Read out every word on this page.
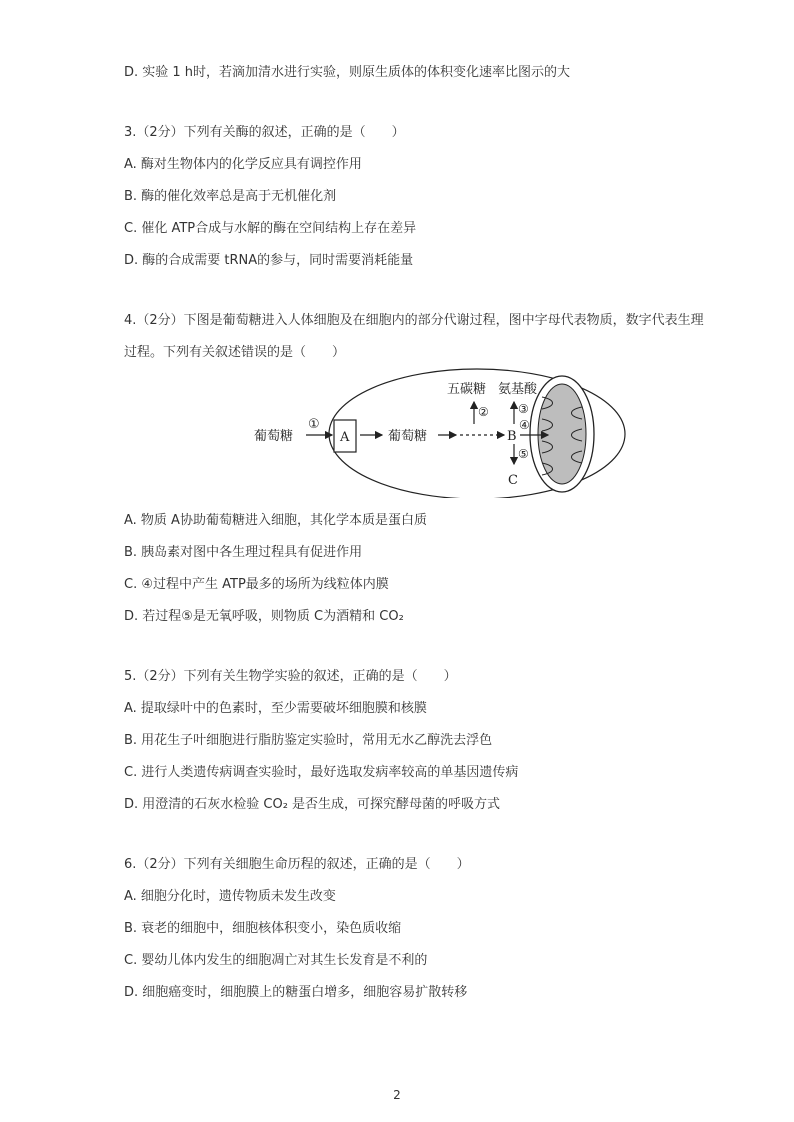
D. 实验 1 h时，若滴加清水进行实验，则原生质体的体积变化速率比图示的大
3.（2分）下列有关酶的叙述，正确的是（　　）
A. 酶对生物体内的化学反应具有调控作用
B. 酶的催化效率总是高于无机催化剂
C. 催化 ATP合成与水解的酶在空间结构上存在差异
D. 酶的合成需要 tRNA的参与，同时需要消耗能量
4.（2分）下图是葡萄糖进入人体细胞及在细胞内的部分代谢过程，图中字母代表物质，数字代表生理
过程。下列有关叙述错误的是（　　）
葡萄糖
①
A	葡萄糖	B
②
五碳糖
③
氨基酸
④
⑤
C
A. 物质 A协助葡萄糖进入细胞，其化学本质是蛋白质
B. 胰岛素对图中各生理过程具有促进作用
C. ④过程中产生 ATP最多的场所为线粒体内膜
D. 若过程⑤是无氧呼吸，则物质 C为酒精和 CO₂
5.（2分）下列有关生物学实验的叙述，正确的是（　　）
A. 提取绿叶中的色素时，至少需要破坏细胞膜和核膜
B. 用花生子叶细胞进行脂肪鉴定实验时，常用无水乙醇洗去浮色
C. 进行人类遗传病调查实验时，最好选取发病率较高的单基因遗传病
D. 用澄清的石灰水检验 CO₂ 是否生成，可探究酵母菌的呼吸方式
6.（2分）下列有关细胞生命历程的叙述，正确的是（　　）
A. 细胞分化时，遗传物质未发生改变
B. 衰老的细胞中，细胞核体积变小，染色质收缩
C. 婴幼儿体内发生的细胞凋亡对其生长发育是不利的
D. 细胞癌变时，细胞膜上的糖蛋白增多，细胞容易扩散转移
2
